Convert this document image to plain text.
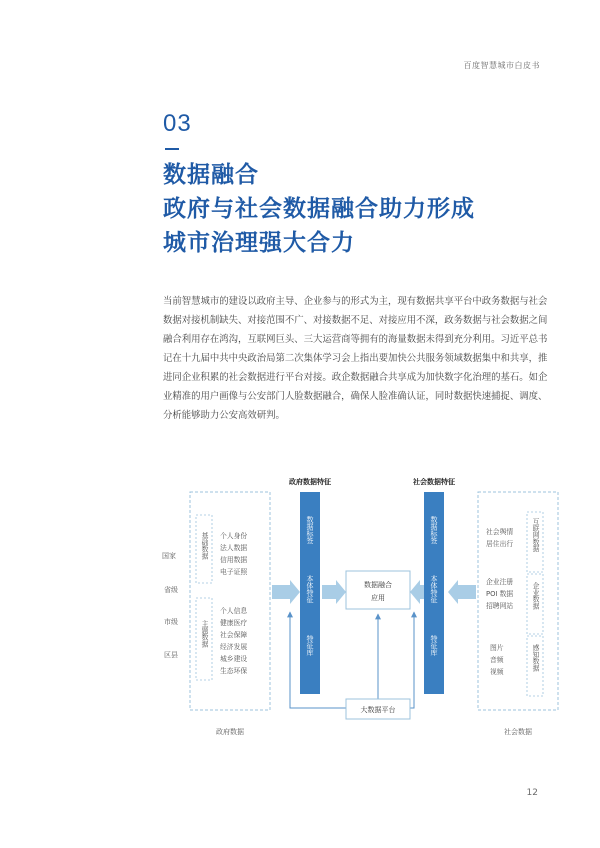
百度智慧城市白皮书
03
数据融合
政府与社会数据融合助力形成
城市治理强大合力
当前智慧城市的建设以政府主导、企业参与的形式为主，现有数据共享平台中政务数据与社会
数据对接机制缺失、对接范围不广、对接数据不足、对接应用不深，政务数据与社会数据之间
融合利用存在鸿沟，互联网巨头、三大运营商等拥有的海量数据未得到充分利用。习近平总书
记在十九届中共中央政治局第二次集体学习会上指出要加快公共服务领域数据集中和共享，推
进同企业积累的社会数据进行平台对接。政企数据融合共享成为加快数字化治理的基石。如企
业精准的用户画像与公安部门人脸数据融合，确保人脸准确认证，同时数据快速捕捉、调度、
分析能够助力公安高效研判。
政府数据特征	社会数据特征
国家
省级
市级
区县
基础数据
主题数据
个人身份
法人数据
信用数据
电子证照
个人信息
健康医疗
社会保障
经济发展
城乡建设
生态环保
数据标签
本体特征
特征库
数据融合
应用
数据标签
本体特征
特征库
互联网数据
企业数据
感知数据
社会舆情
居住出行
企业注册
POI 数据
招聘网站
图片
音频
视频
大数据平台
政府数据	社会数据
12
